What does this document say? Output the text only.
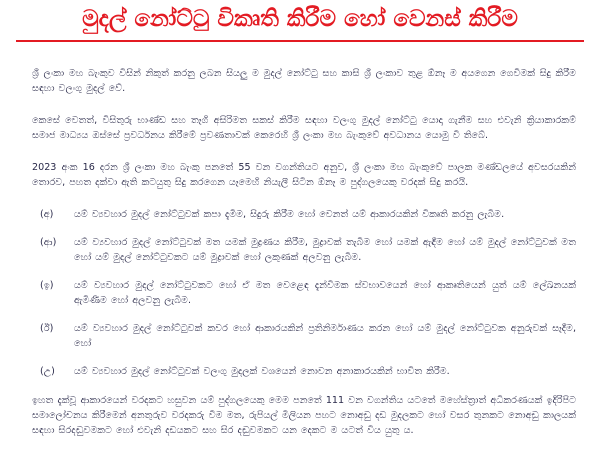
මුදල් නෝට්ටු විකෘති කිරීම හෝ වෙනස් කිරීම

ශ්‍රී ලංකා මහ බැංකුව විසින් නිකුත් කරනු ලබන සියලු ම මුදල් නෝට්ටු සහ කාසි ශ්‍රී ලංකාව තුළ ඕනෑ ම අයගෙන ගෙවීමක් සිදු කිරීම සඳහා වලංගු මුදල් වේ.

කෙසේ වෙතත්, විසිතුරු භාණ්ඩ සහ තෑගි අසිරිමත සකස් කිරීම සඳහා වලංගු මුදල් නෝට්ටු යොදා ගැනීම සහ එවැනි ක්‍රියාකාරකම් සමාජ මාධ්‍යය ඔස්සේ ප්‍රවර්ධනය කිරීමේ ප්‍රවණතාවක් කෙරෙහි ශ්‍රී ලංකා මහ බැංකුවේ අවධානය යොමු වී තිබේ.

2023 අංක 16 දරන ශ්‍රී ලංකා මහ බැංකු පනතේ 55 වන වගන්තියට අනුව, ශ්‍රී ලංකා මහ බැංකුවේ පාලක මණ්ඩලයේ අවසරයකින් තොරව, පහත දක්වා ඇති කටයුතු සිදු කරගෙන යෑමෙහි නියැලී සිටින ඕනෑ ම පුද්ගලයෙකු වරදක් සිදු කරයි.

(අ)	යම් ව්‍යවහාර මුදල් නෝට්ටුවක් කපා දැමීම, සිදුරු කිරීම හෝ වෙනත් යම් ආකාරයකින් විකෘති කරනු ලැබීම.
(ආ)	යම් ව්‍යවහාර මුදල් නෝට්ටුවක් මත යමක් මුද්‍රණය කිරීම, මුද්‍රාවක් තැබීම හෝ යමක් ඇඳීම හෝ යම් මුදල් නෝට්ටුවක් මත හෝ යම් මුදල් නෝට්ටුවකට යම් මුද්‍රාවක් හෝ ලකුණක් අලවනු ලැබීම.
(ඉ)	යම් ව්‍යවහාර මුදල් නෝට්ටුවකට හෝ ඒ මත වෙළෙඳ දැන්වීමක ස්වභාවයෙන් හෝ ආකෘතියෙන් යුත් යම් ලේඛනයක් ඇමිණීම හෝ අලවනු ලැබීම.
(ඊ)	යම් ව්‍යවහාර මුදල් නෝට්ටුවක් කවර හෝ ආකාරයකින් ප්‍රතිනිර්මාණය කරන හෝ යම් මුදල් නෝට්ටුවක අනුරුවක් සෑදීම, හෝ
(උ)	යම් ව්‍යවහාර මුදල් නෝට්ටුවක් වලංගු මුදලක් වශයෙන් නොවන අනාකාරයකින් භාවිත කිරීම.

ඉහත දැක්වූ ආකාරයෙන් වරදකට හසුවන යම් පුද්ගලයෙකු මෙම පනතේ 111 වන වගන්තිය යටතේ මහේස්ත්‍රාත් අධිකරණයක් ඉදිරිපිට සමාලෝචනය කිරීමෙන් අනතුරුව වරදකරු වීම මත, රුපියල් මිලියන පහට නොඅඩු දඩ මුදලකට හෝ වසර තුනකට නොඅඩු කාලයක් සඳහා සිරදඬුවමකට හෝ එවැනි දඩයකට සහ සිර දඬුවමකට යන දෙකට ම යටත් විය යුතු ය.
